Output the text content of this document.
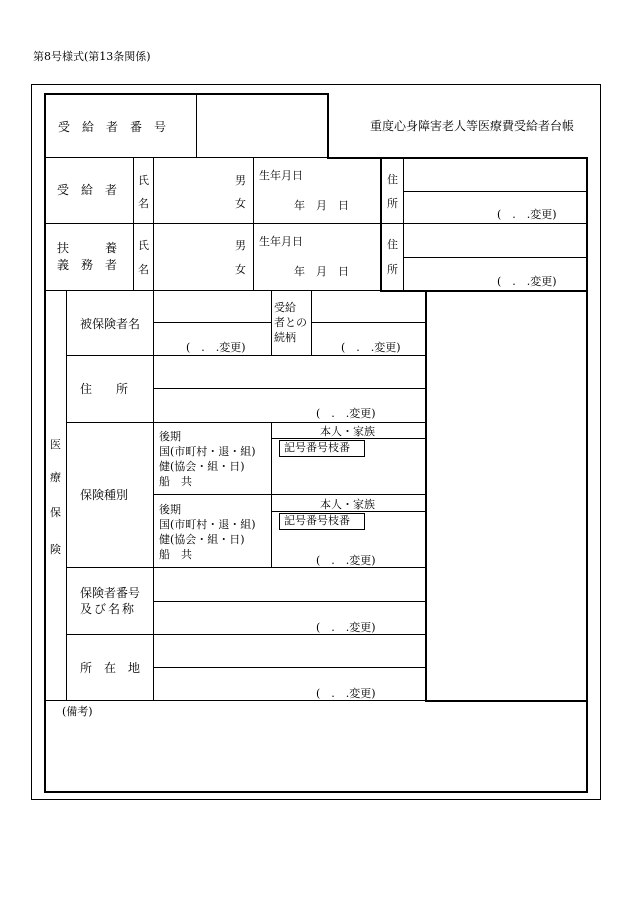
第8号様式(第13条関係)
受　給　者　番　号	重度心身障害老人等医療費受給者台帳
受　給　者
氏
名
男
女
生年月日
年　月　日
住
所
(　.　.変更)
扶　　　養
義　務　者
氏
名
男
女
生年月日
年　月　日
住
所
(　.　.変更)
医
療
保
険
被保険者名
(　.　.変更)
受給
者との
続柄
(　.　.変更)
住　　所
(　.　.変更)
保険種別
後期
国(市町村・退・組)
健(協会・組・日)
船　共
本人・家族
記号番号枝番
後期
国(市町村・退・組)
健(協会・組・日)
船　共
本人・家族
記号番号枝番
(　.　.変更)
保険者番号
及び名称
(　.　.変更)
所　在　地
(　.　.変更)
(備考)
